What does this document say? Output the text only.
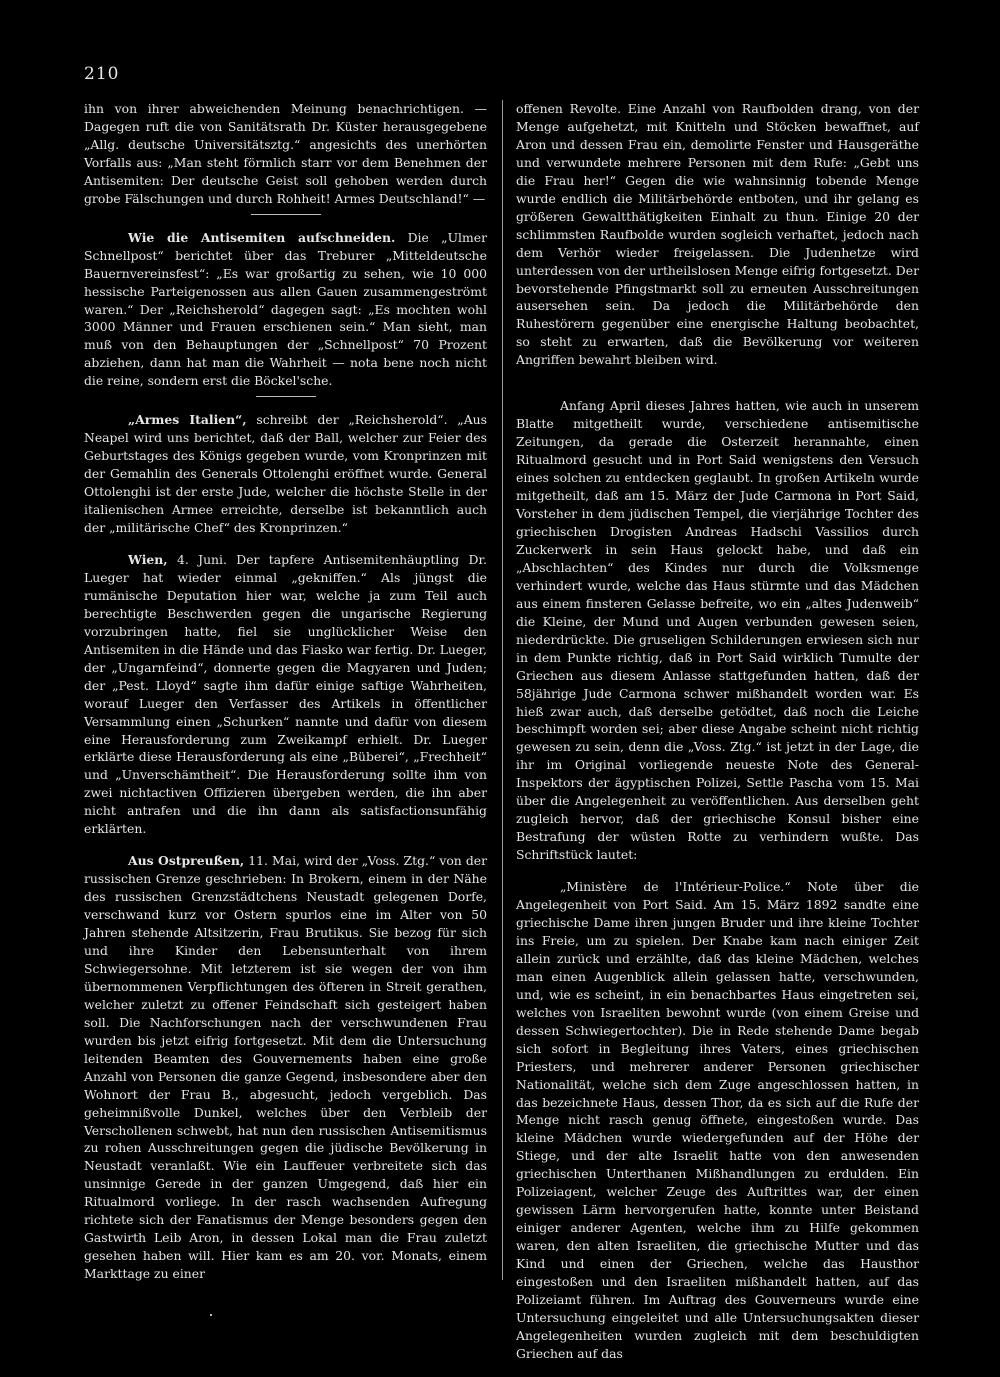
210

ihn von ihrer abweichenden Meinung benachrichtigen. — Dagegen ruft die von Sanitätsrath Dr. Küster herausgegebene „Allg. deutsche Universitätsztg.“ angesichts des unerhörten Vorfalls aus: „Man steht förmlich starr vor dem Benehmen der Antisemiten: Der deutsche Geist soll gehoben werden durch grobe Fälschungen und durch Rohheit! Armes Deutschland!“ —

Wie die Antisemiten aufschneiden. Die „Ulmer Schnellpost“ berichtet über das Treburer „Mitteldeutsche Bauernvereinsfest“: „Es war großartig zu sehen, wie 10 000 hessische Parteigenossen aus allen Gauen zusammengeströmt waren.“ Der „Reichsherold“ dagegen sagt: „Es mochten wohl 3000 Männer und Frauen erschienen sein.“ Man sieht, man muß von den Behauptungen der „Schnellpost“ 70 Prozent abziehen, dann hat man die Wahrheit — nota bene noch nicht die reine, sondern erst die Böckel'sche.

„Armes Italien“, schreibt der „Reichsherold“. „Aus Neapel wird uns berichtet, daß der Ball, welcher zur Feier des Geburtstages des Königs gegeben wurde, vom Kronprinzen mit der Gemahlin des Generals Ottolenghi eröffnet wurde. General Ottolenghi ist der erste Jude, welcher die höchste Stelle in der italienischen Armee erreichte, derselbe ist bekanntlich auch der „militärische Chef“ des Kronprinzen.“

Wien, 4. Juni. Der tapfere Antisemitenhäuptling Dr. Lueger hat wieder einmal „gekniffen.“ Als jüngst die rumänische Deputation hier war, welche ja zum Teil auch berechtigte Beschwerden gegen die ungarische Regierung vorzubringen hatte, fiel sie unglücklicher Weise den Antisemiten in die Hände und das Fiasko war fertig. Dr. Lueger, der „Ungarnfeind“, donnerte gegen die Magyaren und Juden; der „Pest. Lloyd“ sagte ihm dafür einige saftige Wahrheiten, worauf Lueger den Verfasser des Artikels in öffentlicher Versammlung einen „Schurken“ nannte und dafür von diesem eine Herausforderung zum Zweikampf erhielt. Dr. Lueger erklärte diese Herausforderung als eine „Büberei“, „Frechheit“ und „Unverschämtheit“. Die Herausforderung sollte ihm von zwei nichtactiven Offizieren übergeben werden, die ihn aber nicht antrafen und die ihn dann als satisfactionsunfähig erklärten.

Aus Ostpreußen, 11. Mai, wird der „Voss. Ztg.“ von der russischen Grenze geschrieben: In Brokern, einem in der Nähe des russischen Grenzstädtchens Neustadt gelegenen Dorfe, verschwand kurz vor Ostern spurlos eine im Alter von 50 Jahren stehende Altsitzerin, Frau Brutikus. Sie bezog für sich und ihre Kinder den Lebensunterhalt von ihrem Schwiegersohne. Mit letzterem ist sie wegen der von ihm übernommenen Verpflichtungen des öfteren in Streit gerathen, welcher zuletzt zu offener Feindschaft sich gesteigert haben soll. Die Nachforschungen nach der verschwundenen Frau wurden bis jetzt eifrig fortgesetzt. Mit dem die Untersuchung leitenden Beamten des Gouvernements haben eine große Anzahl von Personen die ganze Gegend, insbesondere aber den Wohnort der Frau B., abgesucht, jedoch vergeblich. Das geheimnißvolle Dunkel, welches über den Verbleib der Verschollenen schwebt, hat nun den russischen Antisemitismus zu rohen Ausschreitungen gegen die jüdische Bevölkerung in Neustadt veranlaßt. Wie ein Lauffeuer verbreitete sich das unsinnige Gerede in der ganzen Umgegend, daß hier ein Ritualmord vorliege. In der rasch wachsenden Aufregung richtete sich der Fanatismus der Menge besonders gegen den Gastwirth Leib Aron, in dessen Lokal man die Frau zuletzt gesehen haben will. Hier kam es am 20. vor. Monats, einem Markttage zu einer

offenen Revolte. Eine Anzahl von Raufbolden drang, von der Menge aufgehetzt, mit Knitteln und Stöcken bewaffnet, auf Aron und dessen Frau ein, demolirte Fenster und Hausgeräthe und verwundete mehrere Personen mit dem Rufe: „Gebt uns die Frau her!“ Gegen die wie wahnsinnig tobende Menge wurde endlich die Militärbehörde entboten, und ihr gelang es größeren Gewaltthätigkeiten Einhalt zu thun. Einige 20 der schlimmsten Raufbolde wurden sogleich verhaftet, jedoch nach dem Verhör wieder freigelassen. Die Judenhetze wird unterdessen von der urtheilslosen Menge eifrig fortgesetzt. Der bevorstehende Pfingstmarkt soll zu erneuten Ausschreitungen ausersehen sein. Da jedoch die Militärbehörde den Ruhestörern gegenüber eine energische Haltung beobachtet, so steht zu erwarten, daß die Bevölkerung vor weiteren Angriffen bewahrt bleiben wird.

Anfang April dieses Jahres hatten, wie auch in unserem Blatte mitgetheilt wurde, verschiedene antisemitische Zeitungen, da gerade die Osterzeit herannahte, einen Ritualmord gesucht und in Port Said wenigstens den Versuch eines solchen zu entdecken geglaubt. In großen Artikeln wurde mitgetheilt, daß am 15. März der Jude Carmona in Port Said, Vorsteher in dem jüdischen Tempel, die vierjährige Tochter des griechischen Drogisten Andreas Hadschi Vassilios durch Zuckerwerk in sein Haus gelockt habe, und daß ein „Abschlachten“ des Kindes nur durch die Volksmenge verhindert wurde, welche das Haus stürmte und das Mädchen aus einem finsteren Gelasse befreite, wo ein „altes Judenweib“ die Kleine, der Mund und Augen verbunden gewesen seien, niederdrückte. Die gruseligen Schilderungen erwiesen sich nur in dem Punkte richtig, daß in Port Said wirklich Tumulte der Griechen aus diesem Anlasse stattgefunden hatten, daß der 58jährige Jude Carmona schwer mißhandelt worden war. Es hieß zwar auch, daß derselbe getödtet, daß noch die Leiche beschimpft worden sei; aber diese Angabe scheint nicht richtig gewesen zu sein, denn die „Voss. Ztg.“ ist jetzt in der Lage, die ihr im Original vorliegende neueste Note des General-Inspektors der ägyptischen Polizei, Settle Pascha vom 15. Mai über die Angelegenheit zu veröffentlichen. Aus derselben geht zugleich hervor, daß der griechische Konsul bisher eine Bestrafung der wüsten Rotte zu verhindern wußte. Das Schriftstück lautet:

„Ministère de l'Intérieur-Police.“ Note über die Angelegenheit von Port Said. Am 15. März 1892 sandte eine griechische Dame ihren jungen Bruder und ihre kleine Tochter ins Freie, um zu spielen. Der Knabe kam nach einiger Zeit allein zurück und erzählte, daß das kleine Mädchen, welches man einen Augenblick allein gelassen hatte, verschwunden, und, wie es scheint, in ein benachbartes Haus eingetreten sei, welches von Israeliten bewohnt wurde (von einem Greise und dessen Schwiegertochter). Die in Rede stehende Dame begab sich sofort in Begleitung ihres Vaters, eines griechischen Priesters, und mehrerer anderer Personen griechischer Nationalität, welche sich dem Zuge angeschlossen hatten, in das bezeichnete Haus, dessen Thor, da es sich auf die Rufe der Menge nicht rasch genug öffnete, eingestoßen wurde. Das kleine Mädchen wurde wiedergefunden auf der Höhe der Stiege, und der alte Israelit hatte von den anwesenden griechischen Unterthanen Mißhandlungen zu erdulden. Ein Polizeiagent, welcher Zeuge des Auftrittes war, der einen gewissen Lärm hervorgerufen hatte, konnte unter Beistand einiger anderer Agenten, welche ihm zu Hilfe gekommen waren, den alten Israeliten, die griechische Mutter und das Kind und einen der Griechen, welche das Hausthor eingestoßen und den Israeliten mißhandelt hatten, auf das Polizeiamt führen. Im Auftrag des Gouverneurs wurde eine Untersuchung eingeleitet und alle Untersuchungsakten dieser Angelegenheiten wurden zugleich mit dem beschuldigten Griechen auf das
